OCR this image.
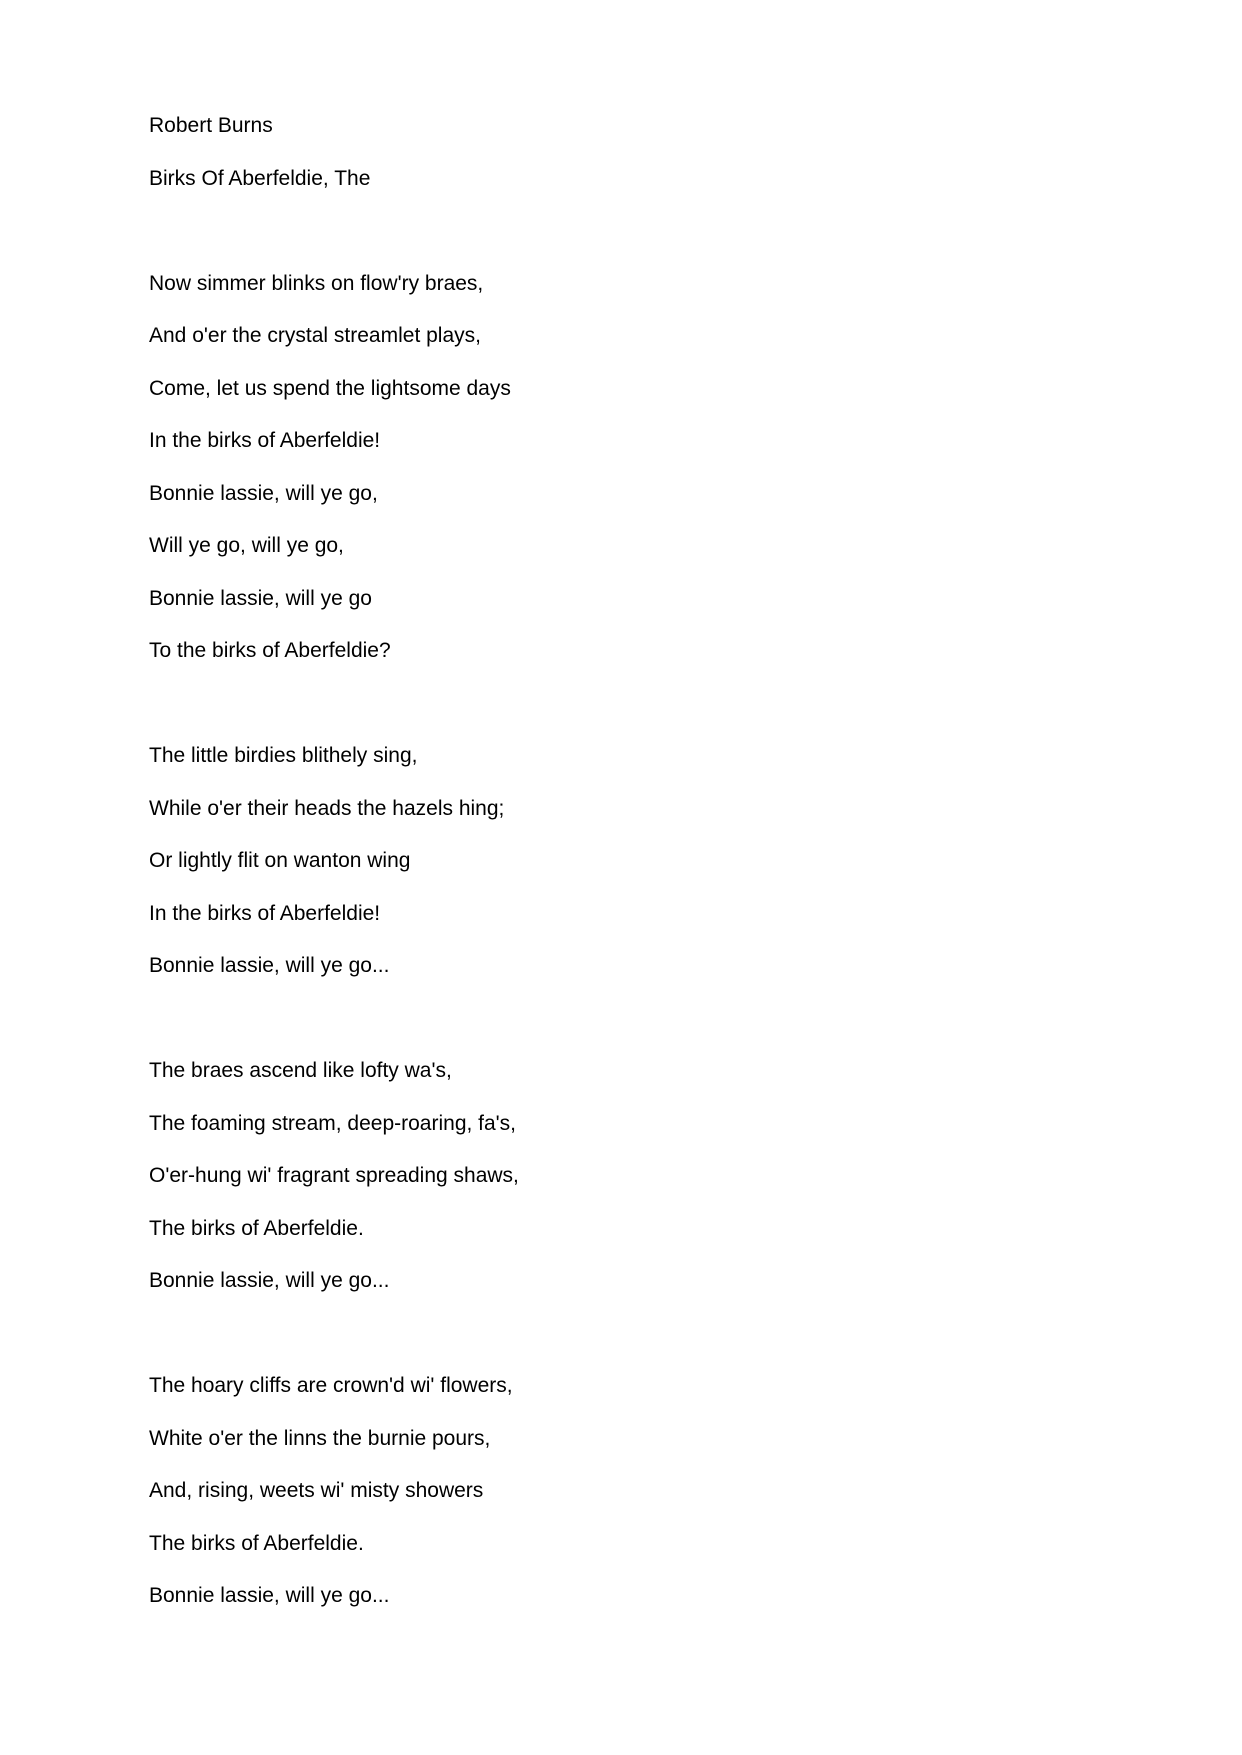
Robert Burns
Birks Of Aberfeldie, The
Now simmer blinks on flow'ry braes,
And o'er the crystal streamlet plays,
Come, let us spend the lightsome days
In the birks of Aberfeldie!
Bonnie lassie, will ye go,
Will ye go, will ye go,
Bonnie lassie, will ye go
To the birks of Aberfeldie?
The little birdies blithely sing,
While o'er their heads the hazels hing;
Or lightly flit on wanton wing
In the birks of Aberfeldie!
Bonnie lassie, will ye go...
The braes ascend like lofty wa's,
The foaming stream, deep-roaring, fa's,
O'er-hung wi' fragrant spreading shaws,
The birks of Aberfeldie.
Bonnie lassie, will ye go...
The hoary cliffs are crown'd wi' flowers,
White o'er the linns the burnie pours,
And, rising, weets wi' misty showers
The birks of Aberfeldie.
Bonnie lassie, will ye go...
